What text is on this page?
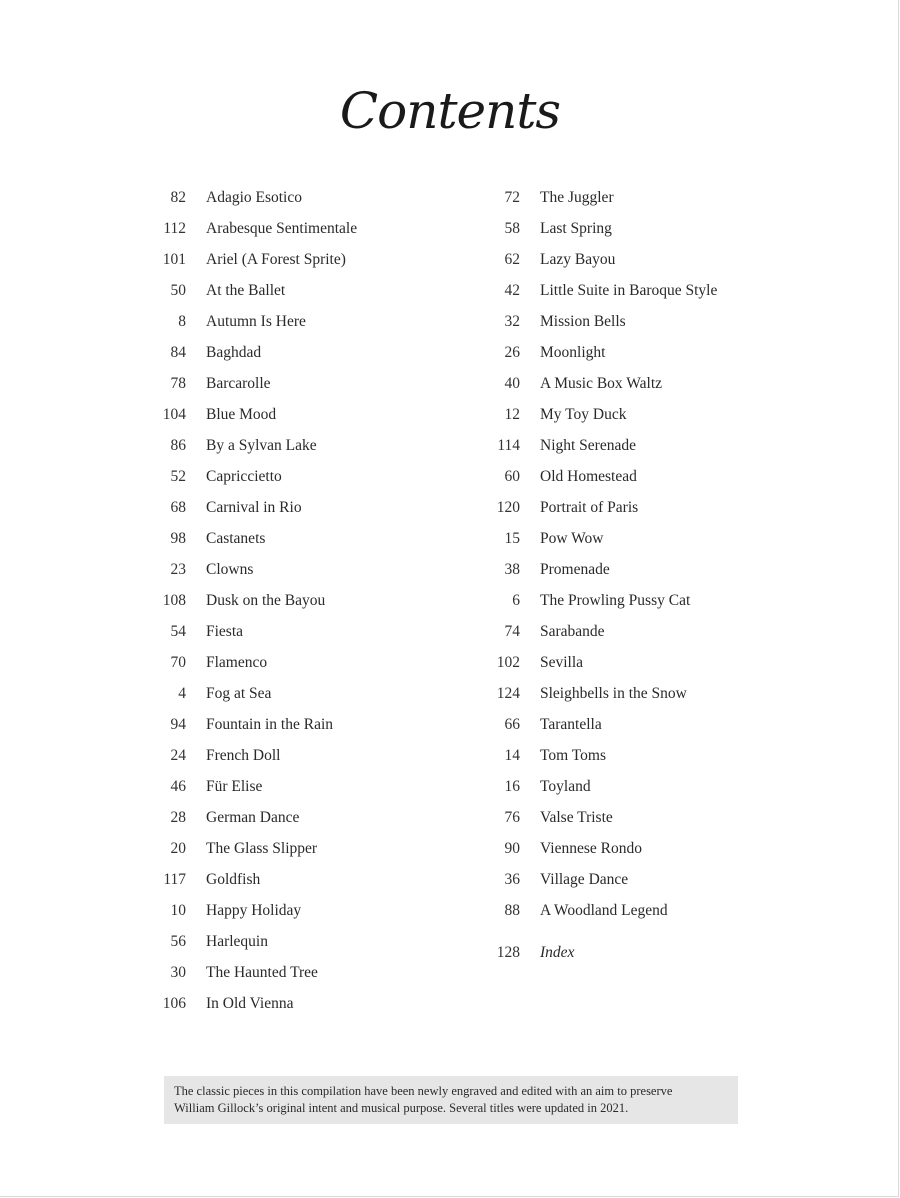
Contents
82	Adagio Esotico
112	Arabesque Sentimentale
101	Ariel (A Forest Sprite)
50	At the Ballet
8	Autumn Is Here
84	Baghdad
78	Barcarolle
104	Blue Mood
86	By a Sylvan Lake
52	Capriccietto
68	Carnival in Rio
98	Castanets
23	Clowns
108	Dusk on the Bayou
54	Fiesta
70	Flamenco
4	Fog at Sea
94	Fountain in the Rain
24	French Doll
46	Für Elise
28	German Dance
20	The Glass Slipper
117	Goldfish
10	Happy Holiday
56	Harlequin
30	The Haunted Tree
106	In Old Vienna
72	The Juggler
58	Last Spring
62	Lazy Bayou
42	Little Suite in Baroque Style
32	Mission Bells
26	Moonlight
40	A Music Box Waltz
12	My Toy Duck
114	Night Serenade
60	Old Homestead
120	Portrait of Paris
15	Pow Wow
38	Promenade
6	The Prowling Pussy Cat
74	Sarabande
102	Sevilla
124	Sleighbells in the Snow
66	Tarantella
14	Tom Toms
16	Toyland
76	Valse Triste
90	Viennese Rondo
36	Village Dance
88	A Woodland Legend
128	Index

The classic pieces in this compilation have been newly engraved and edited with an aim to preserve

William Gillock’s original intent and musical purpose. Several titles were updated in 2021.
